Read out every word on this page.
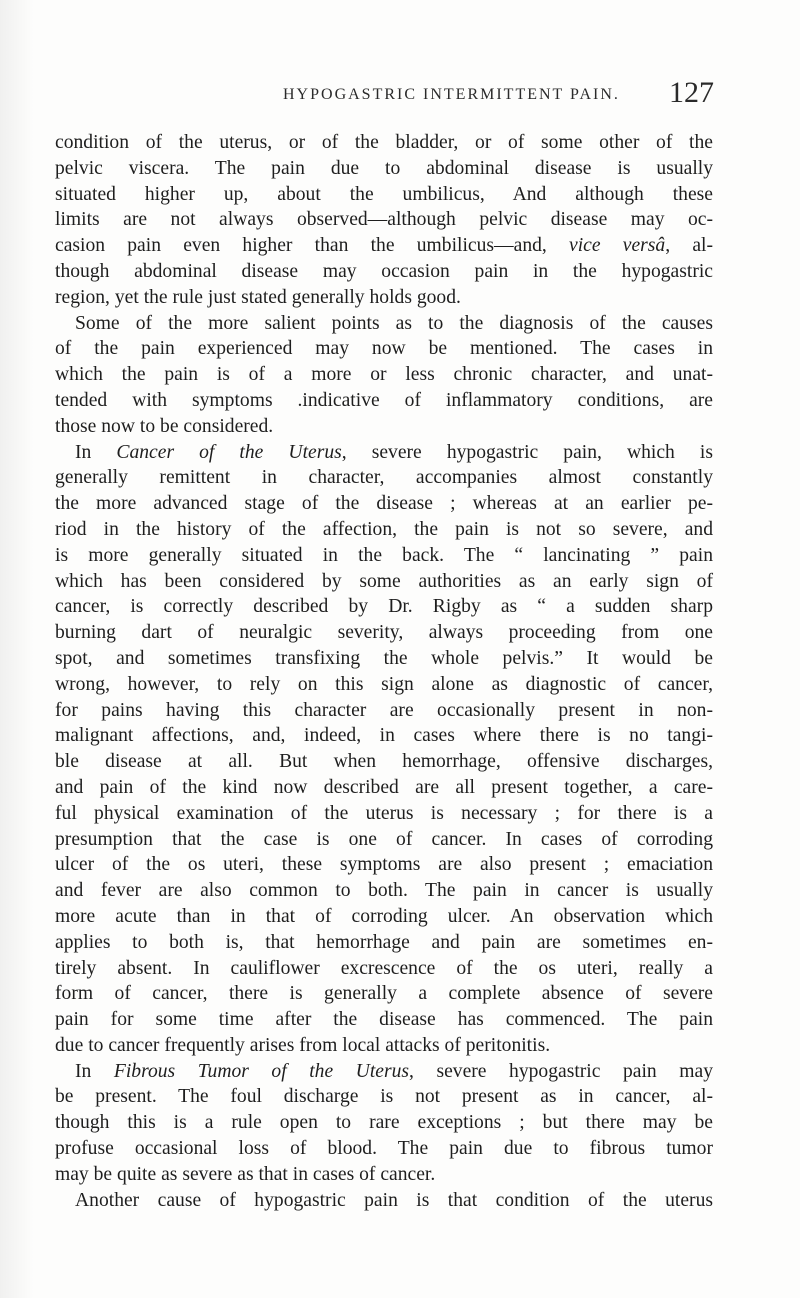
HYPOGASTRIC INTERMITTENT PAIN. 127
condition of the uterus, or of the bladder, or of some other of the
pelvic viscera. The pain due to abdominal disease is usually
situated higher up, about the umbilicus, And although these
limits are not always observed—although pelvic disease may oc-
casion pain even higher than the umbilicus—and, vice versâ, al-
though abdominal disease may occasion pain in the hypogastric
region, yet the rule just stated generally holds good.
Some of the more salient points as to the diagnosis of the causes
of the pain experienced may now be mentioned. The cases in
which the pain is of a more or less chronic character, and unat-
tended with symptoms .indicative of inflammatory conditions, are
those now to be considered.
In Cancer of the Uterus, severe hypogastric pain, which is
generally remittent in character, accompanies almost constantly
the more advanced stage of the disease ; whereas at an earlier pe-
riod in the history of the affection, the pain is not so severe, and
is more generally situated in the back. The “ lancinating ” pain
which has been considered by some authorities as an early sign of
cancer, is correctly described by Dr. Rigby as “ a sudden sharp
burning dart of neuralgic severity, always proceeding from one
spot, and sometimes transfixing the whole pelvis.” It would be
wrong, however, to rely on this sign alone as diagnostic of cancer,
for pains having this character are occasionally present in non-
malignant affections, and, indeed, in cases where there is no tangi-
ble disease at all. But when hemorrhage, offensive discharges,
and pain of the kind now described are all present together, a care-
ful physical examination of the uterus is necessary ; for there is a
presumption that the case is one of cancer. In cases of corroding
ulcer of the os uteri, these symptoms are also present ; emaciation
and fever are also common to both. The pain in cancer is usually
more acute than in that of corroding ulcer. An observation which
applies to both is, that hemorrhage and pain are sometimes en-
tirely absent. In cauliflower excrescence of the os uteri, really a
form of cancer, there is generally a complete absence of severe
pain for some time after the disease has commenced. The pain
due to cancer frequently arises from local attacks of peritonitis.
In Fibrous Tumor of the Uterus, severe hypogastric pain may
be present. The foul discharge is not present as in cancer, al-
though this is a rule open to rare exceptions ; but there may be
profuse occasional loss of blood. The pain due to fibrous tumor
may be quite as severe as that in cases of cancer.
Another cause of hypogastric pain is that condition of the uterus
